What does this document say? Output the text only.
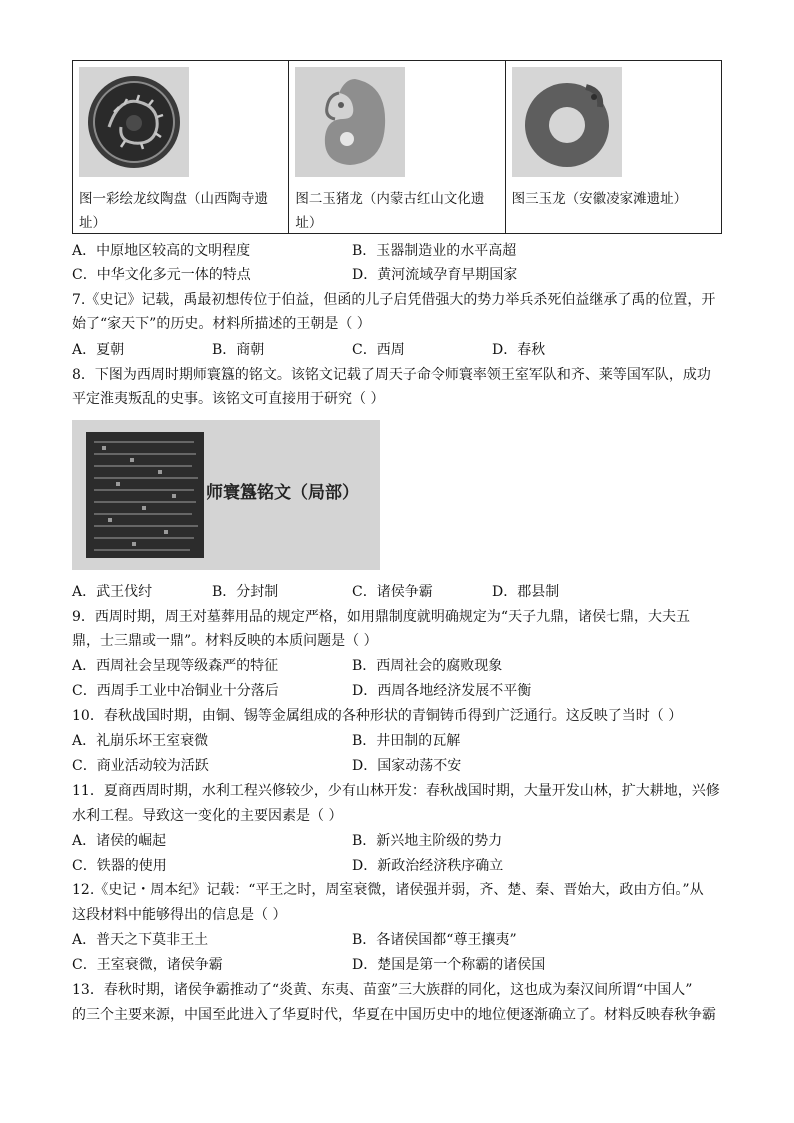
图一彩绘龙纹陶盘（山西陶寺遗址）

图二玉猪龙（内蒙古红山文化遗址）

图三玉龙（安徽凌家滩遗址）
A．中原地区较高的文明程度	B．玉器制造业的水平高超
C．中华文化多元一体的特点	D．黄河流域孕育早期国家
7.《史记》记载，禹最初想传位于伯益，但函的儿子启凭借强大的势力举兵杀死伯益继承了禹的位置，开
始了“家天下”的历史。材料所描述的王朝是（ ）
A．夏朝	B．商朝	C．西周	D．春秋
8．下图为西周时期师寰簋的铭文。该铭文记载了周天子命令师寰率领王室军队和齐、莱等国军队，成功
平定淮夷叛乱的史事。该铭文可直接用于研究（ ）
师寰簋铭文（局部）
A．武王伐纣	B．分封制	C．诸侯争霸	D．郡县制
9．西周时期，周王对墓葬用品的规定严格，如用鼎制度就明确规定为“天子九鼎，诸侯七鼎，大夫五
鼎，士三鼎或一鼎”。材料反映的本质问题是（ ）
A．西周社会呈现等级森严的特征	B．西周社会的腐败现象
C．西周手工业中冶铜业十分落后	D．西周各地经济发展不平衡
10．春秋战国时期，由铜、锡等金属组成的各种形状的青铜铸币得到广泛通行。这反映了当时（ ）
A．礼崩乐坏王室衰微	B．井田制的瓦解
C．商业活动较为活跃	D．国家动荡不安
11．夏商西周时期，水利工程兴修较少，少有山林开发：春秋战国时期，大量开发山林，扩大耕地，兴修
水利工程。导致这一变化的主要因素是（ ）
A．诸侯的崛起	B．新兴地主阶级的势力
C．铁器的使用	D．新政治经济秩序确立
12.《史记・周本纪》记载：“平王之时，周室衰微，诸侯强并弱，齐、楚、秦、晋始大，政由方伯。”从
这段材料中能够得出的信息是（ ）
A．普天之下莫非王土	B．各诸侯国都“尊王攘夷”
C．王室衰微，诸侯争霸	D．楚国是第一个称霸的诸侯国
13．春秋时期，诸侯争霸推动了“炎黄、东夷、苗蛮”三大族群的同化，这也成为秦汉间所谓“中国人”
的三个主要来源，中国至此进入了华夏时代，华夏在中国历史中的地位便逐渐确立了。材料反映春秋争霸
